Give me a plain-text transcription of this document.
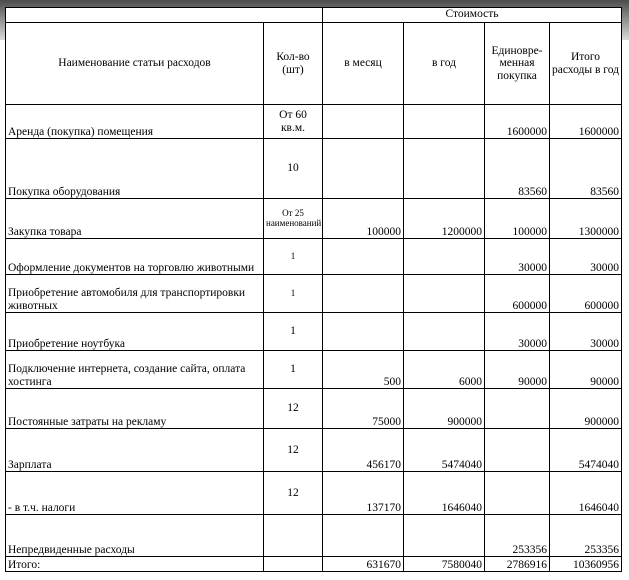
		Стоимость			
Наименование статьи расходов	Кол-во (шт)	в месяц	в год	Единовре-менная покупка	Итого расходы в год
Аренда (покупка) помещения	От 60 кв.м.			1600000	1600000
Покупка оборудования	10			83560	83560
Закупка товара	От 25 наименований	100000	1200000	100000	1300000
Оформление документов на торговлю животными	1			30000	30000
Приобретение автомобиля для транспортировки животных	1			600000	600000
Приобретение ноутбука	1			30000	30000
Подключение интернета, создание сайта, оплата хостинга	1	500	6000	90000	90000
Постоянные затраты на рекламу	12	75000	900000		900000
Зарплата	12	456170	5474040		5474040
- в т.ч. налоги	12	137170	1646040		1646040
Непредвиденные расходы				253356	253356
Итого:		631670	7580040	2786916	10360956
